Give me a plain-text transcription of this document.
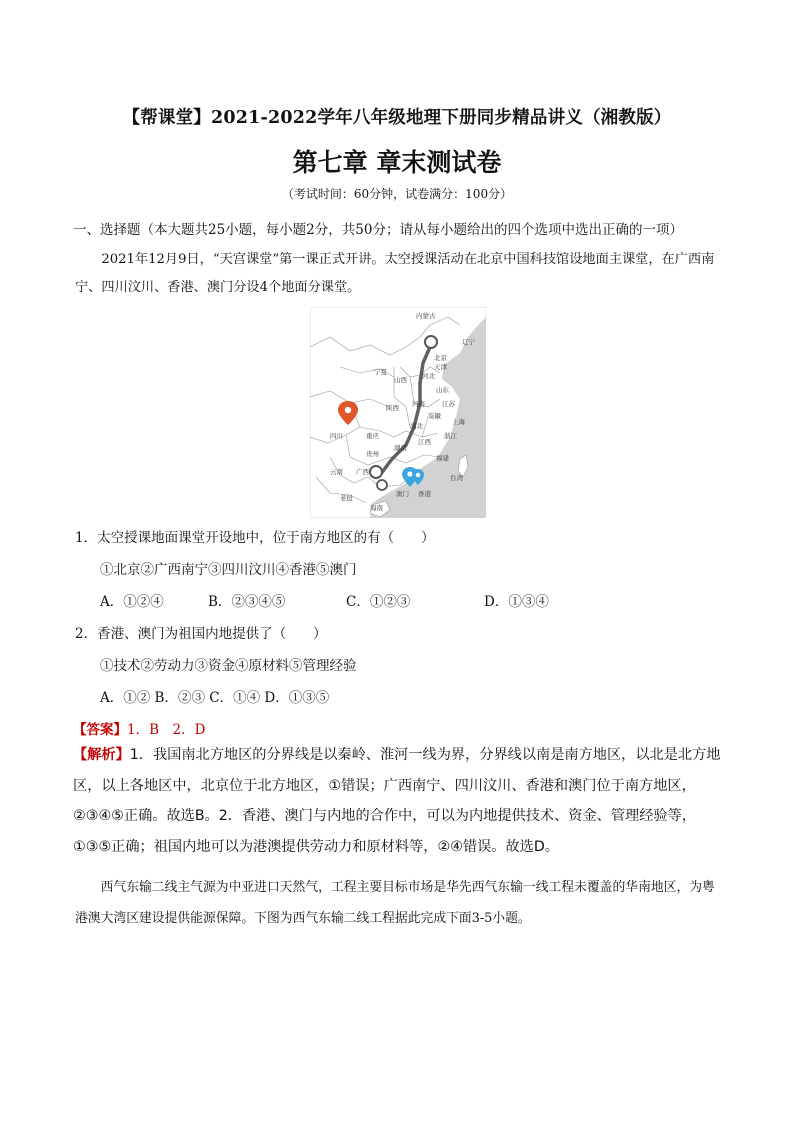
【帮课堂】2021-2022学年八年级地理下册同步精品讲义（湘教版）
第七章 章末测试卷
（考试时间：60分钟，试卷满分：100分）
一、选择题（本大题共25小题，每小题2分，共50分；请从每小题给出的四个选项中选出正确的一项）
2021年12月9日，“天宫课堂”第一课正式开讲。太空授课活动在北京中国科技馆设地面主课堂，在广西南宁、四川汶川、香港、澳门分设4个地面分课堂。
内蒙古
辽宁
北京
天津
宁夏
山西 河北
山东
河南	江苏
陕西
安徽
上海
四川
湖北
浙江
重庆
江西
湖南
福建
贵州
云南 广西
台湾
澳门 香港
海南
老挝
1．太空授课地面课堂开设地中，位于南方地区的有（　　）
①北京②广西南宁③四川汶川④香港⑤澳门
A．①②④	B．②③④⑤	C．①②③	D．①③④
2．香港、澳门为祖国内地提供了（　　）
①技术②劳动力③资金④原材料⑤管理经验
A．①② B．②③ C．①④ D．①③⑤
【答案】1．B　2．D
【解析】1．我国南北方地区的分界线是以秦岭、淮河一线为界，分界线以南是南方地区，以北是北方地区，以上各地区中，北京位于北方地区，①错误；广西南宁、四川汶川、香港和澳门位于南方地区，②③④⑤正确。故选B。2．香港、澳门与内地的合作中，可以为内地提供技术、资金、管理经验等，①③⑤正确；祖国内地可以为港澳提供劳动力和原材料等，②④错误。故选D。
西气东输二线主气源为中亚进口天然气，工程主要目标市场是华先西气东输一线工程未覆盖的华南地区，为粤港澳大湾区建设提供能源保障。下图为西气东输二线工程据此完成下面3-5小题。
